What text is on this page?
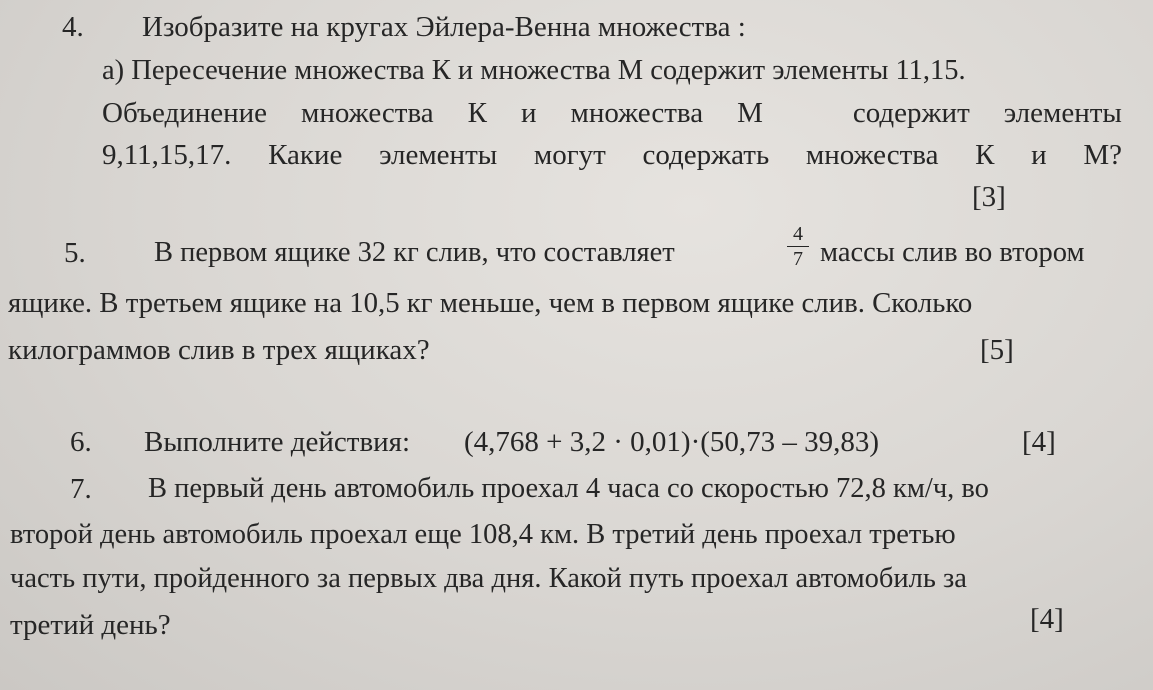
4. Изобразите на кругах Эйлера-Венна множества :
а) Пересечение множества К и множества М содержит элементы 11,15.
Объединение множества К и множества М	содержит элементы
9,11,15,17. Какие элементы могут содержать множества К и М?
[3]
5. В первом ящике 32 кг слив, что составляет
4
7 массы слив во втором
ящике. В третьем ящике на 10,5 кг меньше, чем в первом ящике слив. Сколько
килограммов слив в трех ящиках?	[5]
6. Выполните действия: (4,768 + 3,2 · 0,01)·(50,73 – 39,83)	[4]
7. В первый день автомобиль проехал 4 часа со скоростью 72,8 км/ч, во
второй день автомобиль проехал еще 108,4 км. В третий день проехал третью
часть пути, пройденного за первых два дня. Какой путь проехал автомобиль за
третий день?	[4]
